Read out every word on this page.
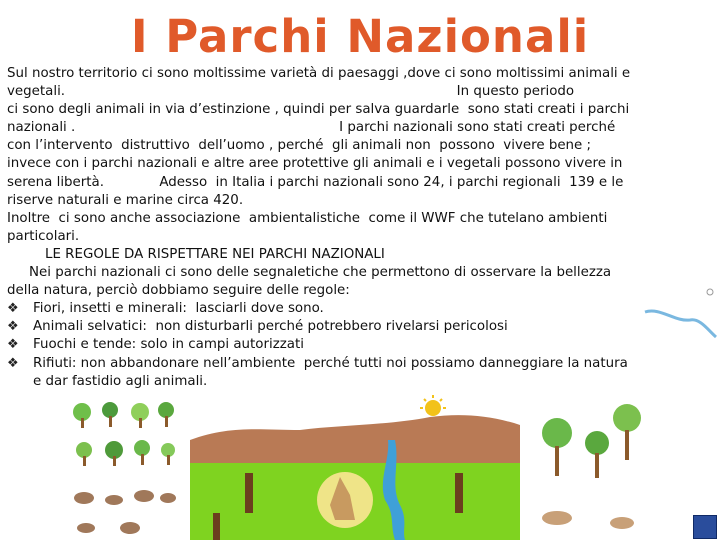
I Parchi Nazionali
Sul nostro territorio ci sono moltissime varietà di paesaggi ,dove ci sono moltissimi animali e
vegetali.                                                                                            In questo periodo
ci sono degli animali in via d’estinzione , quindi per salva guardarle  sono stati creati i parchi
nazionali .                                                              I parchi nazionali sono stati creati perché
con l’intervento  distruttivo  dell’uomo , perché  gli animali non  possono  vivere bene ;
invece con i parchi nazionali e altre aree protettive gli animali e i vegetali possono vivere in
serena libertà.             Adesso  in Italia i parchi nazionali sono 24, i parchi regionali  139 e le
riserve naturali e marine circa 420.
Inoltre  ci sono anche associazione  ambientalistiche  come il WWF che tutelano ambienti
particolari.
LE REGOLE DA RISPETTARE NEI PARCHI NAZIONALI
Nei parchi nazionali ci sono delle segnaletiche che permettono di osservare la bellezza
della natura, perciò dobbiamo seguire delle regole:
❖	Fiori, insetti e minerali:  lasciarli dove sono.
❖	Animali selvatici:  non disturbarli perché potrebbero rivelarsi pericolosi
❖	Fuochi e tende: solo in campi autorizzati
❖	Rifiuti: non abbandonare nell’ambiente  perché tutti noi possiamo danneggiare la natura
e dar fastidio agli animali.
